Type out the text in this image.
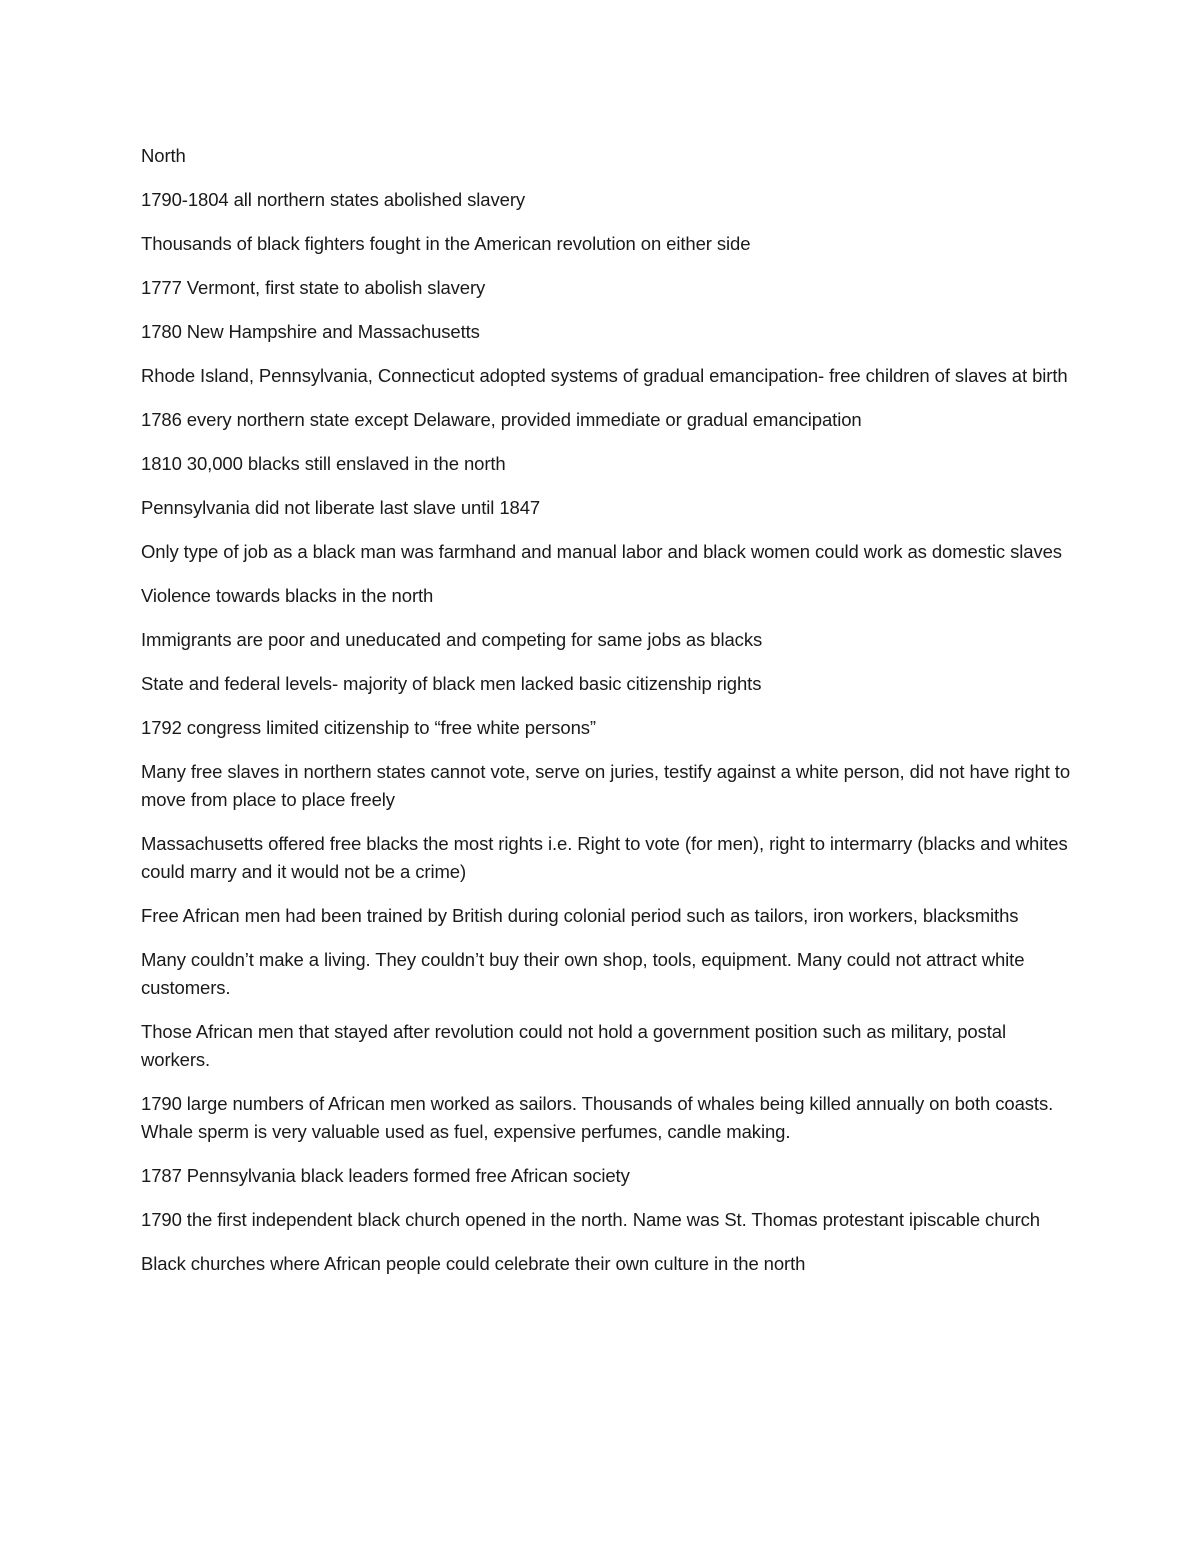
North

1790-1804 all northern states abolished slavery

Thousands of black fighters fought in the American revolution on either side

1777 Vermont, first state to abolish slavery

1780 New Hampshire and Massachusetts

Rhode Island, Pennsylvania, Connecticut adopted systems of gradual emancipation- free children of slaves at birth

1786 every northern state except Delaware, provided immediate or gradual emancipation

1810 30,000 blacks still enslaved in the north

Pennsylvania did not liberate last slave until 1847

Only type of job as a black man was farmhand and manual labor and black women could work as domestic slaves

Violence towards blacks in the north

Immigrants are poor and uneducated and competing for same jobs as blacks

State and federal levels- majority of black men lacked basic citizenship rights

1792 congress limited citizenship to “free white persons”

Many free slaves in northern states cannot vote, serve on juries, testify against a white person, did not have right to move from place to place freely

Massachusetts offered free blacks the most rights i.e. Right to vote (for men), right to intermarry (blacks and whites could marry and it would not be a crime)

Free African men had been trained by British during colonial period such as tailors, iron workers, blacksmiths

Many couldn’t make a living. They couldn’t buy their own shop, tools, equipment. Many could not attract white customers.

Those African men that stayed after revolution could not hold a government position such as military, postal workers.

1790 large numbers of African men worked as sailors. Thousands of whales being killed annually on both coasts. Whale sperm is very valuable used as fuel, expensive perfumes, candle making.

1787 Pennsylvania black leaders formed free African society

1790 the first independent black church opened in the north. Name was St. Thomas protestant ipiscable church

Black churches where African people could celebrate their own culture in the north
